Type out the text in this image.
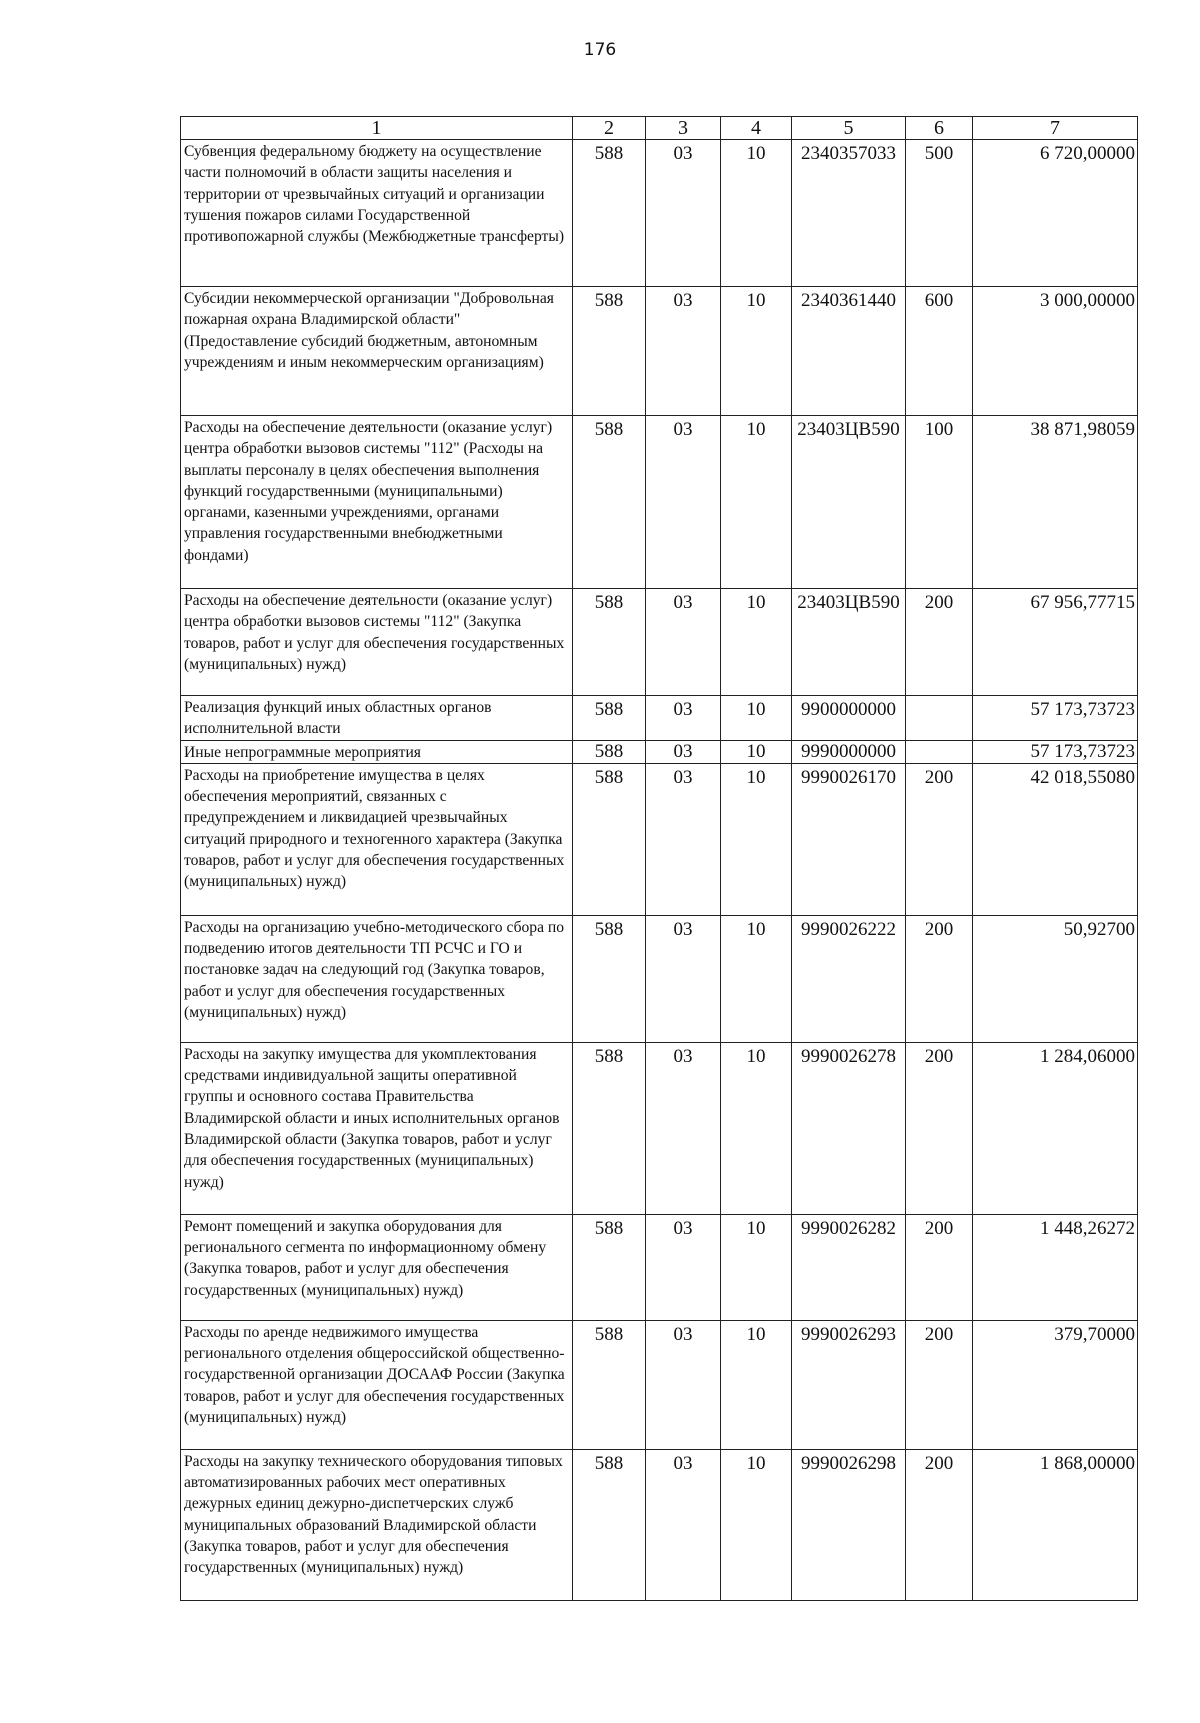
176
1	2	3	4	5	6	7
Субвенция федеральному бюджету на осуществление части полномочий в области защиты населения и территории от чрезвычайных ситуаций и организации тушения пожаров силами Государственной противопожарной службы (Межбюджетные трансферты)	588	03	10	2340357033	500	6 720,00000
Субсидии некоммерческой организации "Добровольная пожарная охрана Владимирской области" (Предоставление субсидий бюджетным, автономным учреждениям и иным некоммерческим организациям)	588	03	10	2340361440	600	3 000,00000
Расходы на обеспечение деятельности (оказание услуг) центра обработки вызовов системы "112" (Расходы на выплаты персоналу в целях обеспечения выполнения функций государственными (муниципальными) органами, казенными учреждениями, органами управления государственными внебюджетными фондами)	588	03	10	23403ЦВ590	100	38 871,98059
Расходы на обеспечение деятельности (оказание услуг) центра обработки вызовов системы "112" (Закупка товаров, работ и услуг для обеспечения государственных (муниципальных) нужд)	588	03	10	23403ЦВ590	200	67 956,77715
Реализация функций иных областных органов исполнительной власти	588	03	10	9900000000		57 173,73723
Иные непрограммные мероприятия	588	03	10	9990000000		57 173,73723
Расходы на приобретение имущества в целях обеспечения мероприятий, связанных с предупреждением и ликвидацией чрезвычайных ситуаций природного и техногенного характера (Закупка товаров, работ и услуг для обеспечения государственных (муниципальных) нужд)	588	03	10	9990026170	200	42 018,55080
Расходы на организацию учебно-методического сбора по подведению итогов деятельности ТП РСЧС и ГО и постановке задач на следующий год (Закупка товаров, работ и услуг для обеспечения государственных (муниципальных) нужд)	588	03	10	9990026222	200	50,92700
Расходы на закупку имущества для укомплектования средствами индивидуальной защиты оперативной группы и основного состава Правительства Владимирской области и иных исполнительных органов Владимирской области (Закупка товаров, работ и услуг для обеспечения государственных (муниципальных) нужд)	588	03	10	9990026278	200	1 284,06000
Ремонт помещений и закупка оборудования для регионального сегмента по информационному обмену (Закупка товаров, работ и услуг для обеспечения государственных (муниципальных) нужд)	588	03	10	9990026282	200	1 448,26272
Расходы по аренде недвижимого имущества регионального отделения общероссийской общественно-государственной организации ДОСААФ России (Закупка товаров, работ и услуг для обеспечения государственных (муниципальных) нужд)	588	03	10	9990026293	200	379,70000
Расходы на закупку технического оборудования типовых автоматизированных рабочих мест оперативных дежурных единиц дежурно-диспетчерских служб муниципальных образований Владимирской области (Закупка товаров, работ и услуг для обеспечения государственных (муниципальных) нужд)	588	03	10	9990026298	200	1 868,00000
